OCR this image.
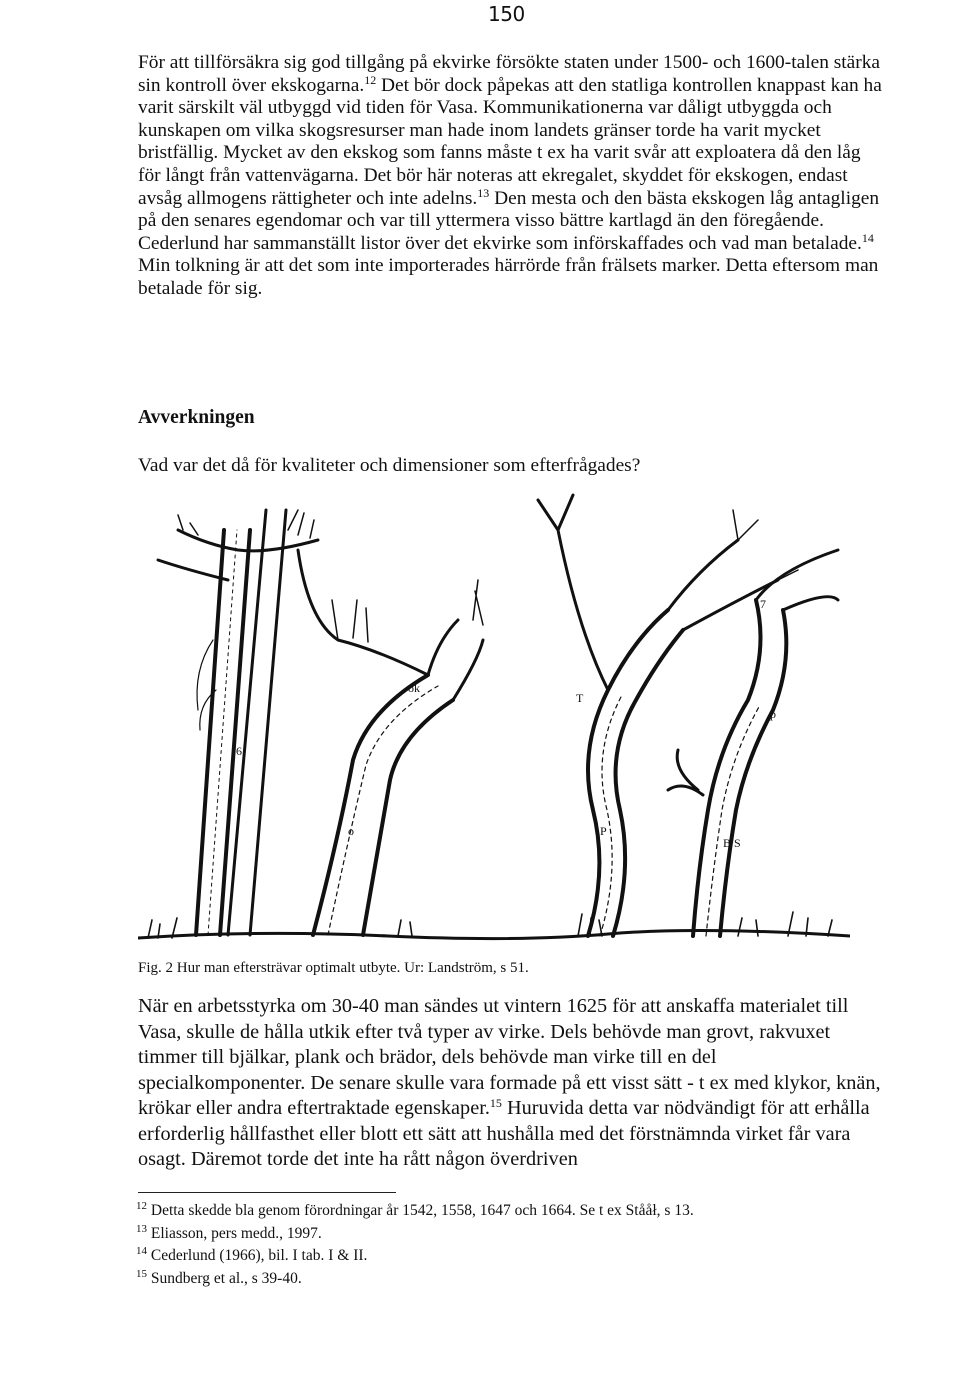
150

För att tillförsäkra sig god tillgång på ekvirke försökte staten under 1500- och 1600-talen stärka sin kontroll över ekskogarna.$^{12}$ Det bör dock påpekas att den statliga kontrollen knappast kan ha varit särskilt väl utbyggd vid tiden för Vasa. Kommunikationerna var dåligt utbyggda och kunskapen om vilka skogsresurser man hade inom landets gränser torde ha varit mycket bristfällig. Mycket av den ekskog som fanns måste t ex ha varit svår att exploatera då den låg för långt från vattenvägarna. Det bör här noteras att ekregalet, skyddet för ekskogen, endast avsåg allmogens rättigheter och inte adelns.$^{13}$ Den mesta och den bästa ekskogen låg antagligen på den senares egendomar och var till yttermera visso bättre kartlagd än den föregående. Cederlund har sammanställt listor över det ekvirke som införskaffades och vad man betalade.$^{14}$ Min tolkning är att det som inte importerades härrörde från frälsets marker. Detta eftersom man betalade för sig.

Avverkningen

Vad var det då för kvaliteter och dimensioner som efterfrågades?

6
o
ök
T
P
p
B S
7

Fig. 2 Hur man eftersträvar optimalt utbyte. Ur: Landström, s 51.

När en arbetsstyrka om 30-40 man sändes ut vintern 1625 för att anskaffa materialet till Vasa, skulle de hålla utkik efter två typer av virke. Dels behövde man grovt, rakvuxet timmer till bjälkar, plank och brädor, dels behövde man virke till en del specialkomponenter. De senare skulle vara formade på ett visst sätt - t ex med klykor, knän, krökar eller andra eftertraktade egenskaper.$^{15}$ Huruvida detta var nödvändigt för att erhålla erforderlig hållfasthet eller blott ett sätt att hushålla med det förstnämnda virket får vara osagt. Däremot torde det inte ha rått någon överdriven

$^{12}$ Detta skedde bla genom förordningar år 1542, 1558, 1647 och 1664. Se t ex Stååł, s 13.
$^{13}$ Eliasson, pers medd., 1997.
$^{14}$ Cederlund (1966), bil. I tab. I & II.
$^{15}$ Sundberg et al., s 39-40.
